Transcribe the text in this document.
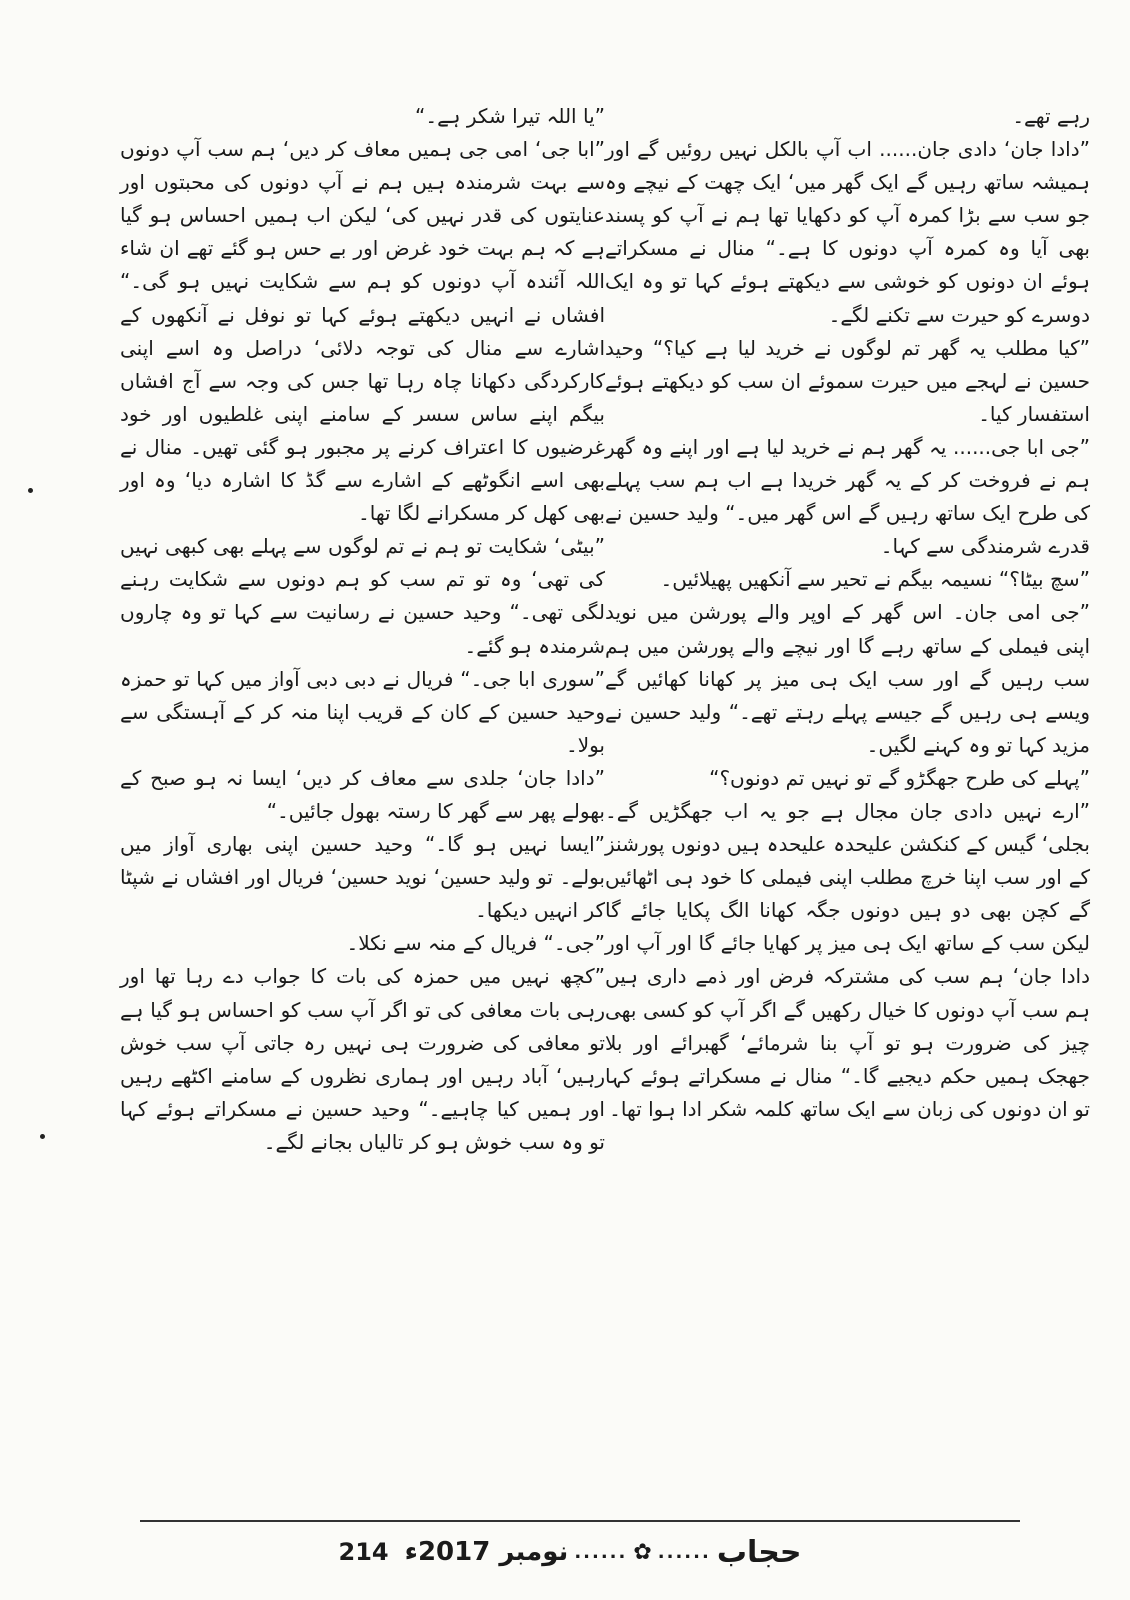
رہے تھے۔

”دادا جان‘ دادی جان...... اب آپ بالکل نہیں روئیں گے اور ہمیشہ ساتھ رہیں گے ایک گھر میں‘ ایک چھت کے نیچے وہ جو سب سے بڑا کمرہ آپ کو دکھایا تھا ہم نے آپ کو پسند بھی آیا وہ کمرہ آپ دونوں کا ہے۔“ منال نے مسکراتے ہوئے ان دونوں کو خوشی سے دیکھتے ہوئے کہا تو وہ ایک دوسرے کو حیرت سے تکنے لگے۔

”کیا مطلب یہ گھر تم لوگوں نے خرید لیا ہے کیا؟“ وحید حسین نے لہجے میں حیرت سموئے ان سب کو دیکھتے ہوئے استفسار کیا۔

”جی ابا جی...... یہ گھر ہم نے خرید لیا ہے اور اپنے وہ گھر ہم نے فروخت کر کے یہ گھر خریدا ہے اب ہم سب پہلے کی طرح ایک ساتھ رہیں گے اس گھر میں۔“ ولید حسین نے قدرے شرمندگی سے کہا۔

”سچ بیٹا؟“ نسیمہ بیگم نے تحیر سے آنکھیں پھیلائیں۔

”جی امی جان۔ اس گھر کے اوپر والے پورشن میں نوید اپنی فیملی کے ساتھ رہے گا اور نیچے والے پورشن میں ہم سب رہیں گے اور سب ایک ہی میز پر کھانا کھائیں گے ویسے ہی رہیں گے جیسے پہلے رہتے تھے۔“ ولید حسین نے مزید کہا تو وہ کہنے لگیں۔

”پہلے کی طرح جھگڑو گے تو نہیں تم دونوں؟“

”ارے نہیں دادی جان مجال ہے جو یہ اب جھگڑیں گے۔ بجلی‘ گیس کے کنکشن علیحدہ علیحدہ ہیں دونوں پورشنز کے اور سب اپنا خرچ مطلب اپنی فیملی کا خود ہی اٹھائیں گے کچن بھی دو ہیں دونوں جگہ کھانا الگ پکایا جائے گا لیکن سب کے ساتھ ایک ہی میز پر کھایا جائے گا اور آپ اور دادا جان‘ ہم سب کی مشترکہ فرض اور ذمے داری ہیں ہم سب آپ دونوں کا خیال رکھیں گے اگر آپ کو کسی بھی چیز کی ضرورت ہو تو آپ بنا شرمائے‘ گھبرائے اور بلا جھجک ہمیں حکم دیجیے گا۔“ منال نے مسکراتے ہوئے کہا تو ان دونوں کی زبان سے ایک ساتھ کلمہ شکر ادا ہوا تھا۔

”یا اللہ تیرا شکر ہے۔“

”ابا جی‘ امی جی ہمیں معاف کر دیں‘ ہم سب آپ دونوں سے بہت شرمندہ ہیں ہم نے آپ دونوں کی محبتوں اور عنایتوں کی قدر نہیں کی‘ لیکن اب ہمیں احساس ہو گیا ہے کہ ہم بہت خود غرض اور بے حس ہو گئے تھے ان شاء اللہ آئندہ آپ دونوں کو ہم سے شکایت نہیں ہو گی۔“ افشاں نے انہیں دیکھتے ہوئے کہا تو نوفل نے آنکھوں کے اشارے سے منال کی توجہ دلائی‘ دراصل وہ اسے اپنی کارکردگی دکھانا چاہ رہا تھا جس کی وجہ سے آج افشاں بیگم اپنے ساس سسر کے سامنے اپنی غلطیوں اور خود غرضیوں کا اعتراف کرنے پر مجبور ہو گئی تھیں۔ منال نے بھی اسے انگوٹھے کے اشارے سے گڈ کا اشارہ دیا‘ وہ اور بھی کھل کر مسکرانے لگا تھا۔

”بیٹی‘ شکایت تو ہم نے تم لوگوں سے پہلے بھی کبھی نہیں کی تھی‘ وہ تو تم سب کو ہم دونوں سے شکایت رہنے لگی تھی۔“ وحید حسین نے رسانیت سے کہا تو وہ چاروں شرمندہ ہو گئے۔

”سوری ابا جی۔“ فریال نے دبی دبی آواز میں کہا تو حمزہ وحید حسین کے کان کے قریب اپنا منہ کر کے آہستگی سے بولا۔

”دادا جان‘ جلدی سے معاف کر دیں‘ ایسا نہ ہو صبح کے بھولے پھر سے گھر کا رستہ بھول جائیں۔“

”ایسا نہیں ہو گا۔“ وحید حسین اپنی بھاری آواز میں بولے۔ تو ولید حسین‘ نوید حسین‘ فریال اور افشاں نے شپٹا کر انہیں دیکھا۔

”جی۔“ فریال کے منہ سے نکلا۔

”کچھ نہیں میں حمزہ کی بات کا جواب دے رہا تھا اور رہی بات معافی کی تو اگر آپ سب کو احساس ہو گیا ہے تو معافی کی ضرورت ہی نہیں رہ جاتی آپ سب خوش رہیں‘ آباد رہیں اور ہماری نظروں کے سامنے اکٹھے رہیں اور ہمیں کیا چاہیے۔“ وحید حسین نے مسکراتے ہوئے کہا تو وہ سب خوش ہو کر تالیاں بجانے لگے۔

حجاب
......
✿
......
نومبر 2017ء
214
